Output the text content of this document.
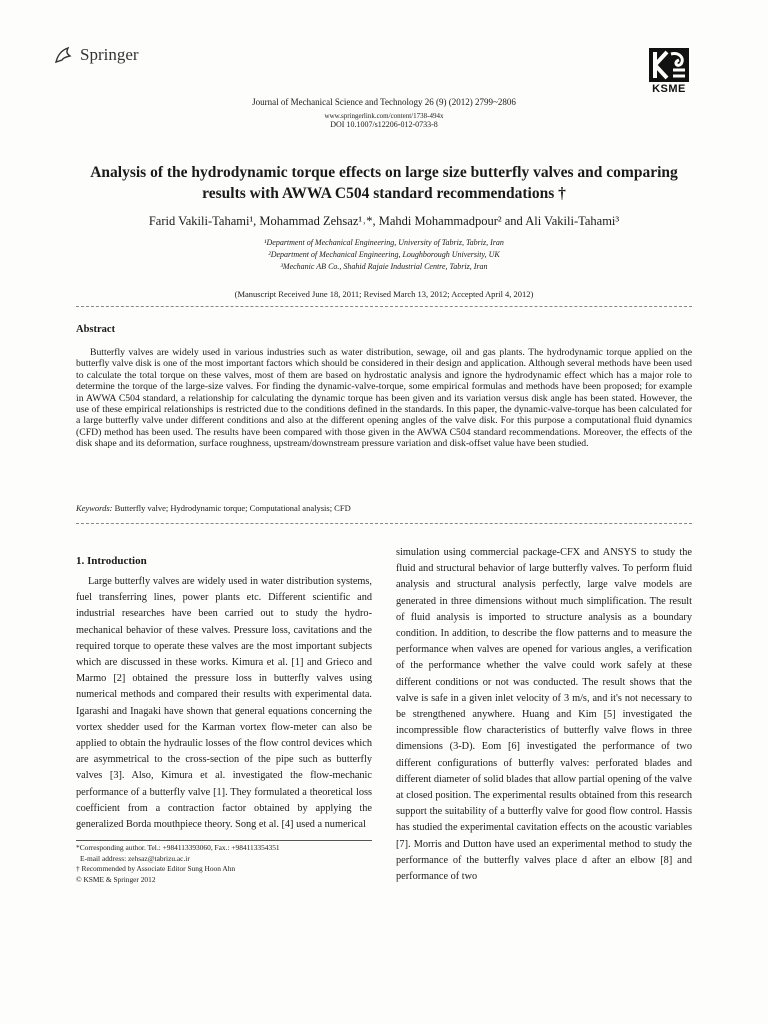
Springer
KSME
Journal of Mechanical Science and Technology 26 (9) (2012) 2799~2806
www.springerlink.com/content/1738-494x
DOI 10.1007/s12206-012-0733-8
Analysis of the hydrodynamic torque effects on large size butterfly valves and comparing results with AWWA C504 standard recommendations †
Farid Vakili-Tahami¹, Mohammad Zehsaz¹˒*, Mahdi Mohammadpour² and Ali Vakili-Tahami³
¹Department of Mechanical Engineering, University of Tabriz, Tabriz, Iran
²Department of Mechanical Engineering, Loughborough University, UK
³Mechanic AB Co., Shahid Rajaie Industrial Centre, Tabriz, Iran
(Manuscript Received June 18, 2011; Revised March 13, 2012; Accepted April 4, 2012)
Abstract
Butterfly valves are widely used in various industries such as water distribution, sewage, oil and gas plants. The hydrodynamic torque applied on the butterfly valve disk is one of the most important factors which should be considered in their design and application. Although several methods have been used to calculate the total torque on these valves, most of them are based on hydrostatic analysis and ignore the hydrodynamic effect which has a major role to determine the torque of the large-size valves. For finding the dynamic-valve-torque, some empirical formulas and methods have been proposed; for example in AWWA C504 standard, a relationship for calculating the dynamic torque has been given and its variation versus disk angle has been stated. However, the use of these empirical relationships is restricted due to the conditions defined in the standards. In this paper, the dynamic-valve-torque has been calculated for a large butterfly valve under different conditions and also at the different opening angles of the valve disk. For this purpose a computational fluid dynamics (CFD) method has been used. The results have been compared with those given in the AWWA C504 standard recommendations. Moreover, the effects of the disk shape and its deformation, surface roughness, upstream/downstream pressure variation and disk-offset value have been studied.
Keywords: Butterfly valve; Hydrodynamic torque; Computational analysis; CFD
1. Introduction
Large butterfly valves are widely used in water distribution systems, fuel transferring lines, power plants etc. Different scientific and industrial researches have been carried out to study the hydro-mechanical behavior of these valves. Pressure loss, cavitations and the required torque to operate these valves are the most important subjects which are discussed in these works. Kimura et al. [1] and Grieco and Marmo [2] obtained the pressure loss in butterfly valves using numerical methods and compared their results with experimental data. Igarashi and Inagaki have shown that general equations concerning the vortex shedder used for the Karman vortex flow-meter can also be applied to obtain the hydraulic losses of the flow control devices which are asymmetrical to the cross-section of the pipe such as butterfly valves [3]. Also, Kimura et al. investigated the flow-mechanic performance of a butterfly valve [1]. They formulated a theoretical loss coefficient from a contraction factor obtained by applying the generalized Borda mouthpiece theory. Song et al. [4] used a numerical
simulation using commercial package-CFX and ANSYS to study the fluid and structural behavior of large butterfly valves. To perform fluid analysis and structural analysis perfectly, large valve models are generated in three dimensions without much simplification. The result of fluid analysis is imported to structure analysis as a boundary condition. In addition, to describe the flow patterns and to measure the performance when valves are opened for various angles, a verification of the performance whether the valve could work safely at these different conditions or not was conducted. The result shows that the valve is safe in a given inlet velocity of 3 m/s, and it's not necessary to be strengthened anywhere. Huang and Kim [5] investigated the incompressible flow characteristics of butterfly valve flows in three dimensions (3-D). Eom [6] investigated the performance of two different configurations of butterfly valves: perforated blades and different diameter of solid blades that allow partial opening of the valve at closed position. The experimental results obtained from this research support the suitability of a butterfly valve for good flow control. Hassis has studied the experimental cavitation effects on the acoustic variables [7]. Morris and Dutton have used an experimental method to study the performance of the butterfly valves place d after an elbow [8] and performance of two
*Corresponding author. Tel.: +984113393060, Fax.: +984113354351
E-mail address: zehsaz@tabrizu.ac.ir
† Recommended by Associate Editor Sung Hoon Ahn
© KSME & Springer 2012
